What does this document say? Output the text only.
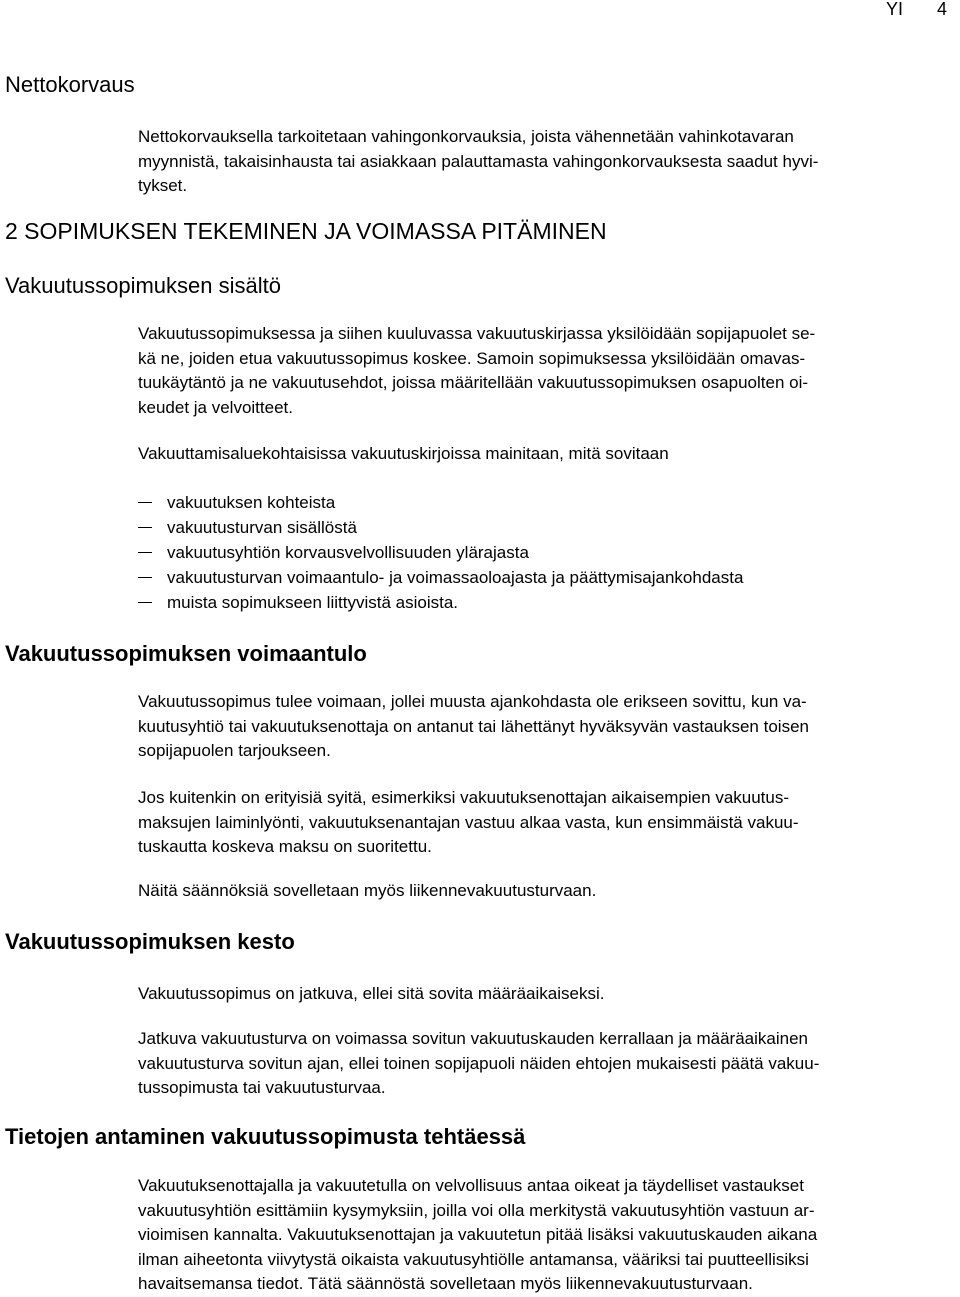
YI 4
Nettokorvaus

Nettokorvauksella tarkoitetaan vahingonkorvauksia, joista vähennetään vahinkotavaran
myynnistä, takaisinhausta tai asiakkaan palauttamasta vahingonkorvauksesta saadut hyvi-
tykset.

2 SOPIMUKSEN TEKEMINEN JA VOIMASSA PITÄMINEN
Vakuutussopimuksen sisältö

Vakuutussopimuksessa ja siihen kuuluvassa vakuutuskirjassa yksilöidään sopijapuolet se-
kä ne, joiden etua vakuutussopimus koskee. Samoin sopimuksessa yksilöidään omavas-
tuukäytäntö ja ne vakuutusehdot, joissa määritellään vakuutussopimuksen osapuolten oi-
keudet ja velvoitteet.

Vakuuttamisaluekohtaisissa vakuutuskirjoissa mainitaan, mitä sovitaan

vakuutuksen kohteista
vakuutusturvan sisällöstä
vakuutusyhtiön korvausvelvollisuuden ylärajasta
vakuutusturvan voimaantulo- ja voimassaoloajasta ja päättymisajankohdasta
muista sopimukseen liittyvistä asioista.
Vakuutussopimuksen voimaantulo

Vakuutussopimus tulee voimaan, jollei muusta ajankohdasta ole erikseen sovittu, kun va-
kuutusyhtiö tai vakuutuksenottaja on antanut tai lähettänyt hyväksyvän vastauksen toisen
sopijapuolen tarjoukseen.

Jos kuitenkin on erityisiä syitä, esimerkiksi vakuutuksenottajan aikaisempien vakuutus-
maksujen laiminlyönti, vakuutuksenantajan vastuu alkaa vasta, kun ensimmäistä vakuu-
tuskautta koskeva maksu on suoritettu.

Näitä säännöksiä sovelletaan myös liikennevakuutusturvaan.

Vakuutussopimuksen kesto

Vakuutussopimus on jatkuva, ellei sitä sovita määräaikaiseksi.

Jatkuva vakuutusturva on voimassa sovitun vakuutuskauden kerrallaan ja määräaikainen
vakuutusturva sovitun ajan, ellei toinen sopijapuoli näiden ehtojen mukaisesti päätä vakuu-
tussopimusta tai vakuutusturvaa.

Tietojen antaminen vakuutussopimusta tehtäessä

Vakuutuksenottajalla ja vakuutetulla on velvollisuus antaa oikeat ja täydelliset vastaukset
vakuutusyhtiön esittämiin kysymyksiin, joilla voi olla merkitystä vakuutusyhtiön vastuun ar-
vioimisen kannalta. Vakuutuksenottajan ja vakuutetun pitää lisäksi vakuutuskauden aikana
ilman aiheetonta viivytystä oikaista vakuutusyhtiölle antamansa, vääriksi tai puutteellisiksi
havaitsemansa tiedot. Tätä säännöstä sovelletaan myös liikennevakuutusturvaan.
